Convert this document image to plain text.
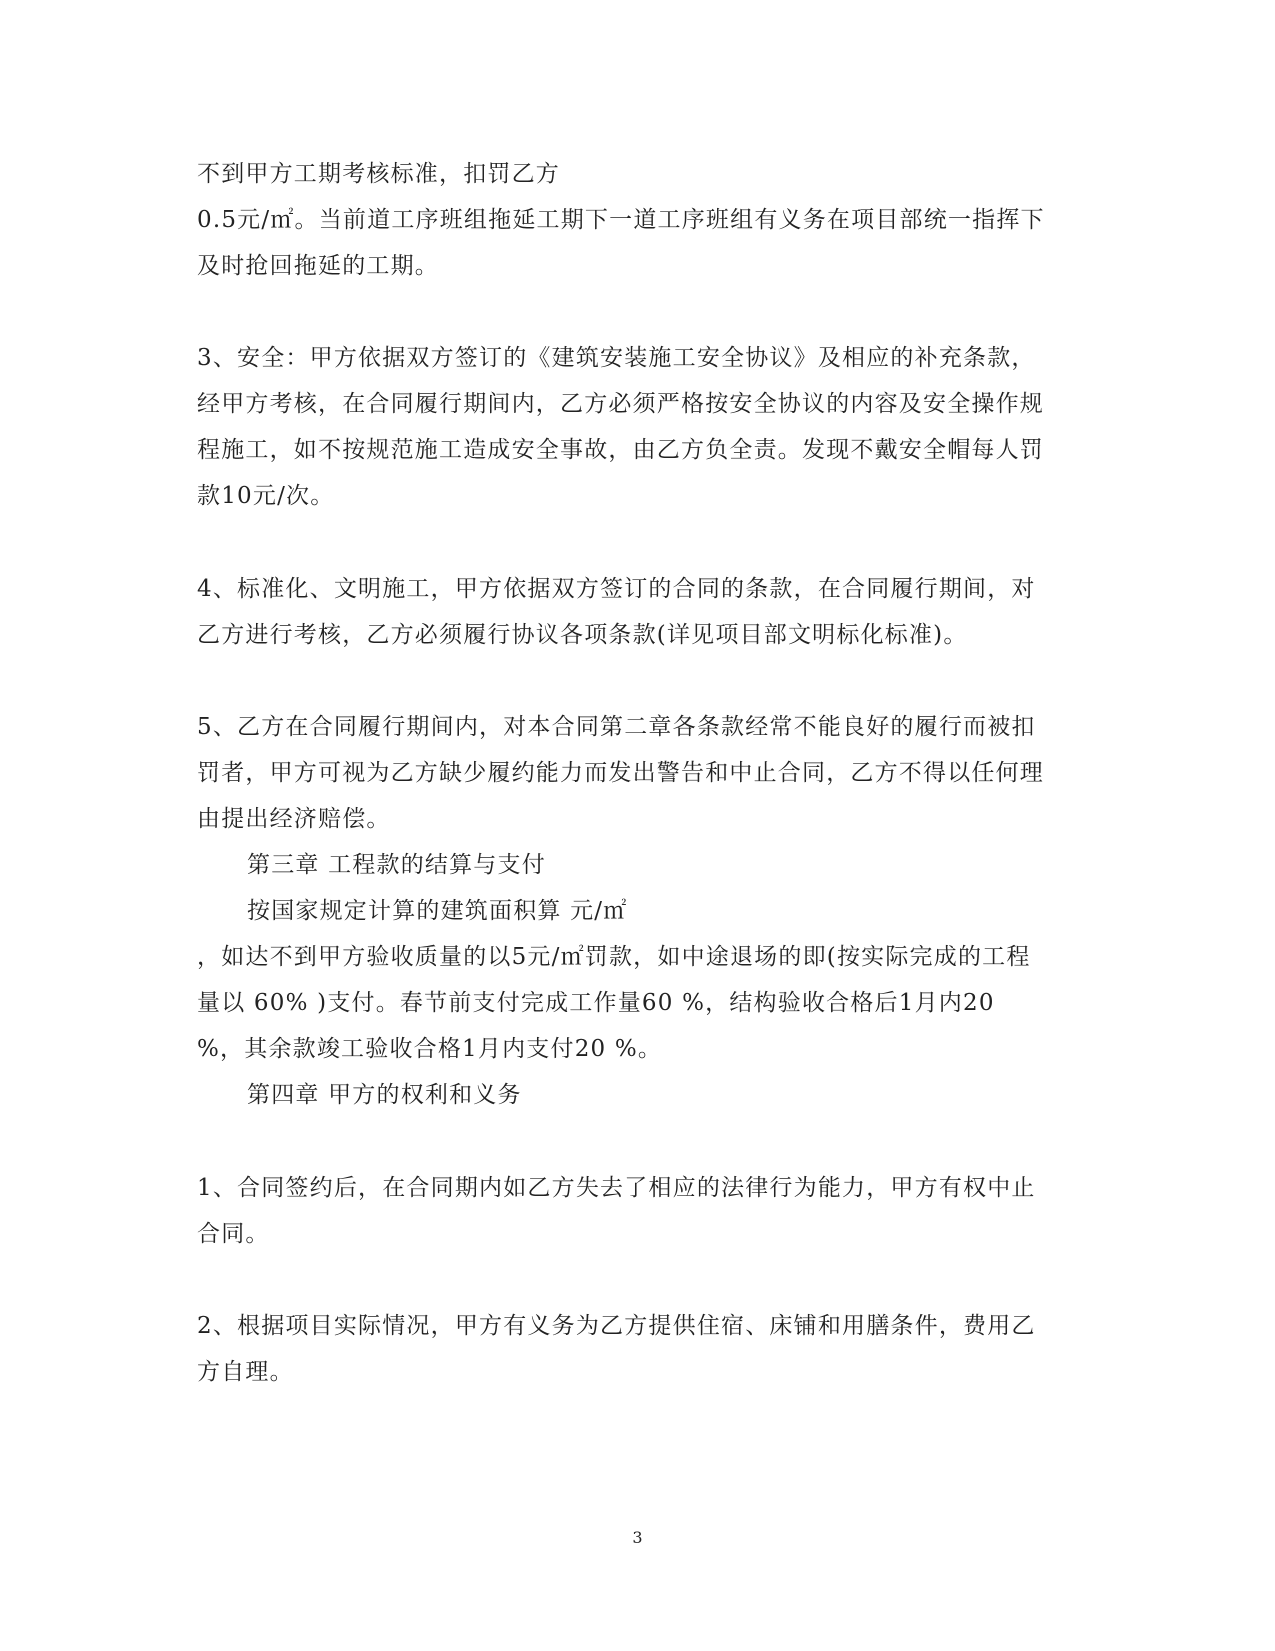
不到甲方工期考核标准，扣罚乙方
0.5元/㎡。当前道工序班组拖延工期下一道工序班组有义务在项目部统一指挥下
及时抢回拖延的工期。
3、安全：甲方依据双方签订的《建筑安装施工安全协议》及相应的补充条款，
经甲方考核，在合同履行期间内，乙方必须严格按安全协议的内容及安全操作规
程施工，如不按规范施工造成安全事故，由乙方负全责。发现不戴安全帽每人罚
款10元/次。
4、标准化、文明施工，甲方依据双方签订的合同的条款，在合同履行期间，对
乙方进行考核，乙方必须履行协议各项条款(详见项目部文明标化标准)。
5、乙方在合同履行期间内，对本合同第二章各条款经常不能良好的履行而被扣
罚者，甲方可视为乙方缺少履约能力而发出警告和中止合同，乙方不得以任何理
由提出经济赔偿。
第三章 工程款的结算与支付
按国家规定计算的建筑面积算 元/㎡
，如达不到甲方验收质量的以5元/㎡罚款，如中途退场的即(按实际完成的工程
量以 60% )支付。春节前支付完成工作量60 %，结构验收合格后1月内20
%，其余款竣工验收合格1月内支付20 %。
第四章 甲方的权利和义务
1、合同签约后，在合同期内如乙方失去了相应的法律行为能力，甲方有权中止
合同。
2、根据项目实际情况，甲方有义务为乙方提供住宿、床铺和用膳条件，费用乙
方自理。
3
